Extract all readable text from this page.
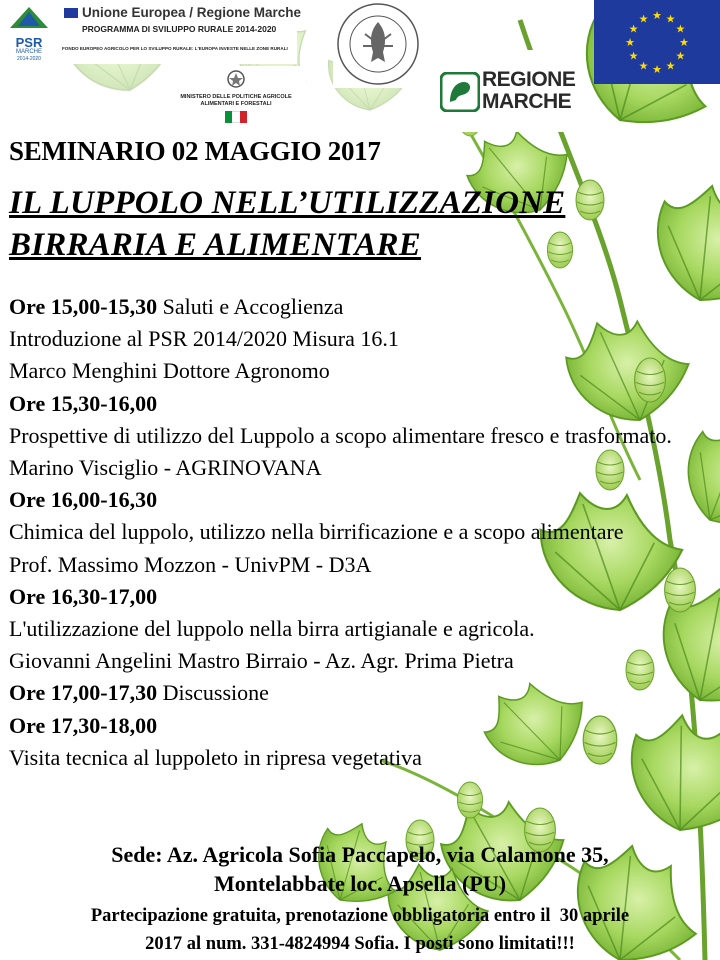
PSR
MARCHE
2014-2020
Unione Europea / Regione Marche
PROGRAMMA DI SVILUPPO RURALE 2014-2020
FONDO EUROPEO AGRICOLO PER LO SVILUPPO RURALE: L'EUROPA INVESTE NELLE ZONE RURALI
MINISTERO DELLE POLITICHE AGRICOLE ALIMENTARI E FORESTALI
★ ★
★
★
★
★
★
★
★
★
★
★
REGIONE
MARCHE
SEMINARIO 02 MAGGIO 2017
IL LUPPOLO NELL’UTILIZZAZIONE
BIRRARIA E ALIMENTARE
Ore 15,00-15,30 Saluti e Accoglienza
Introduzione al PSR 2014/2020 Misura 16.1
Marco Menghini Dottore Agronomo
Ore 15,30-16,00
Prospettive di utilizzo del Luppolo a scopo alimentare fresco e trasformato.
Marino Visciglio - AGRINOVANA
Ore 16,00-16,30
Chimica del luppolo, utilizzo nella birrificazione e a scopo alimentare
Prof. Massimo Mozzon - UnivPM - D3A
Ore 16,30-17,00
L'utilizzazione del luppolo nella birra artigianale e agricola.
Giovanni Angelini Mastro Birraio - Az. Agr. Prima Pietra
Ore 17,00-17,30 Discussione
Ore 17,30-18,00
Visita tecnica al luppoleto in ripresa vegetativa
Sede: Az. Agricola Sofia Paccapelo, via Calamone 35,
Montelabbate loc. Apsella (PU)
Partecipazione gratuita, prenotazione obbligatoria entro il  30 aprile
2017 al num. 331-4824994 Sofia. I posti sono limitati!!!
